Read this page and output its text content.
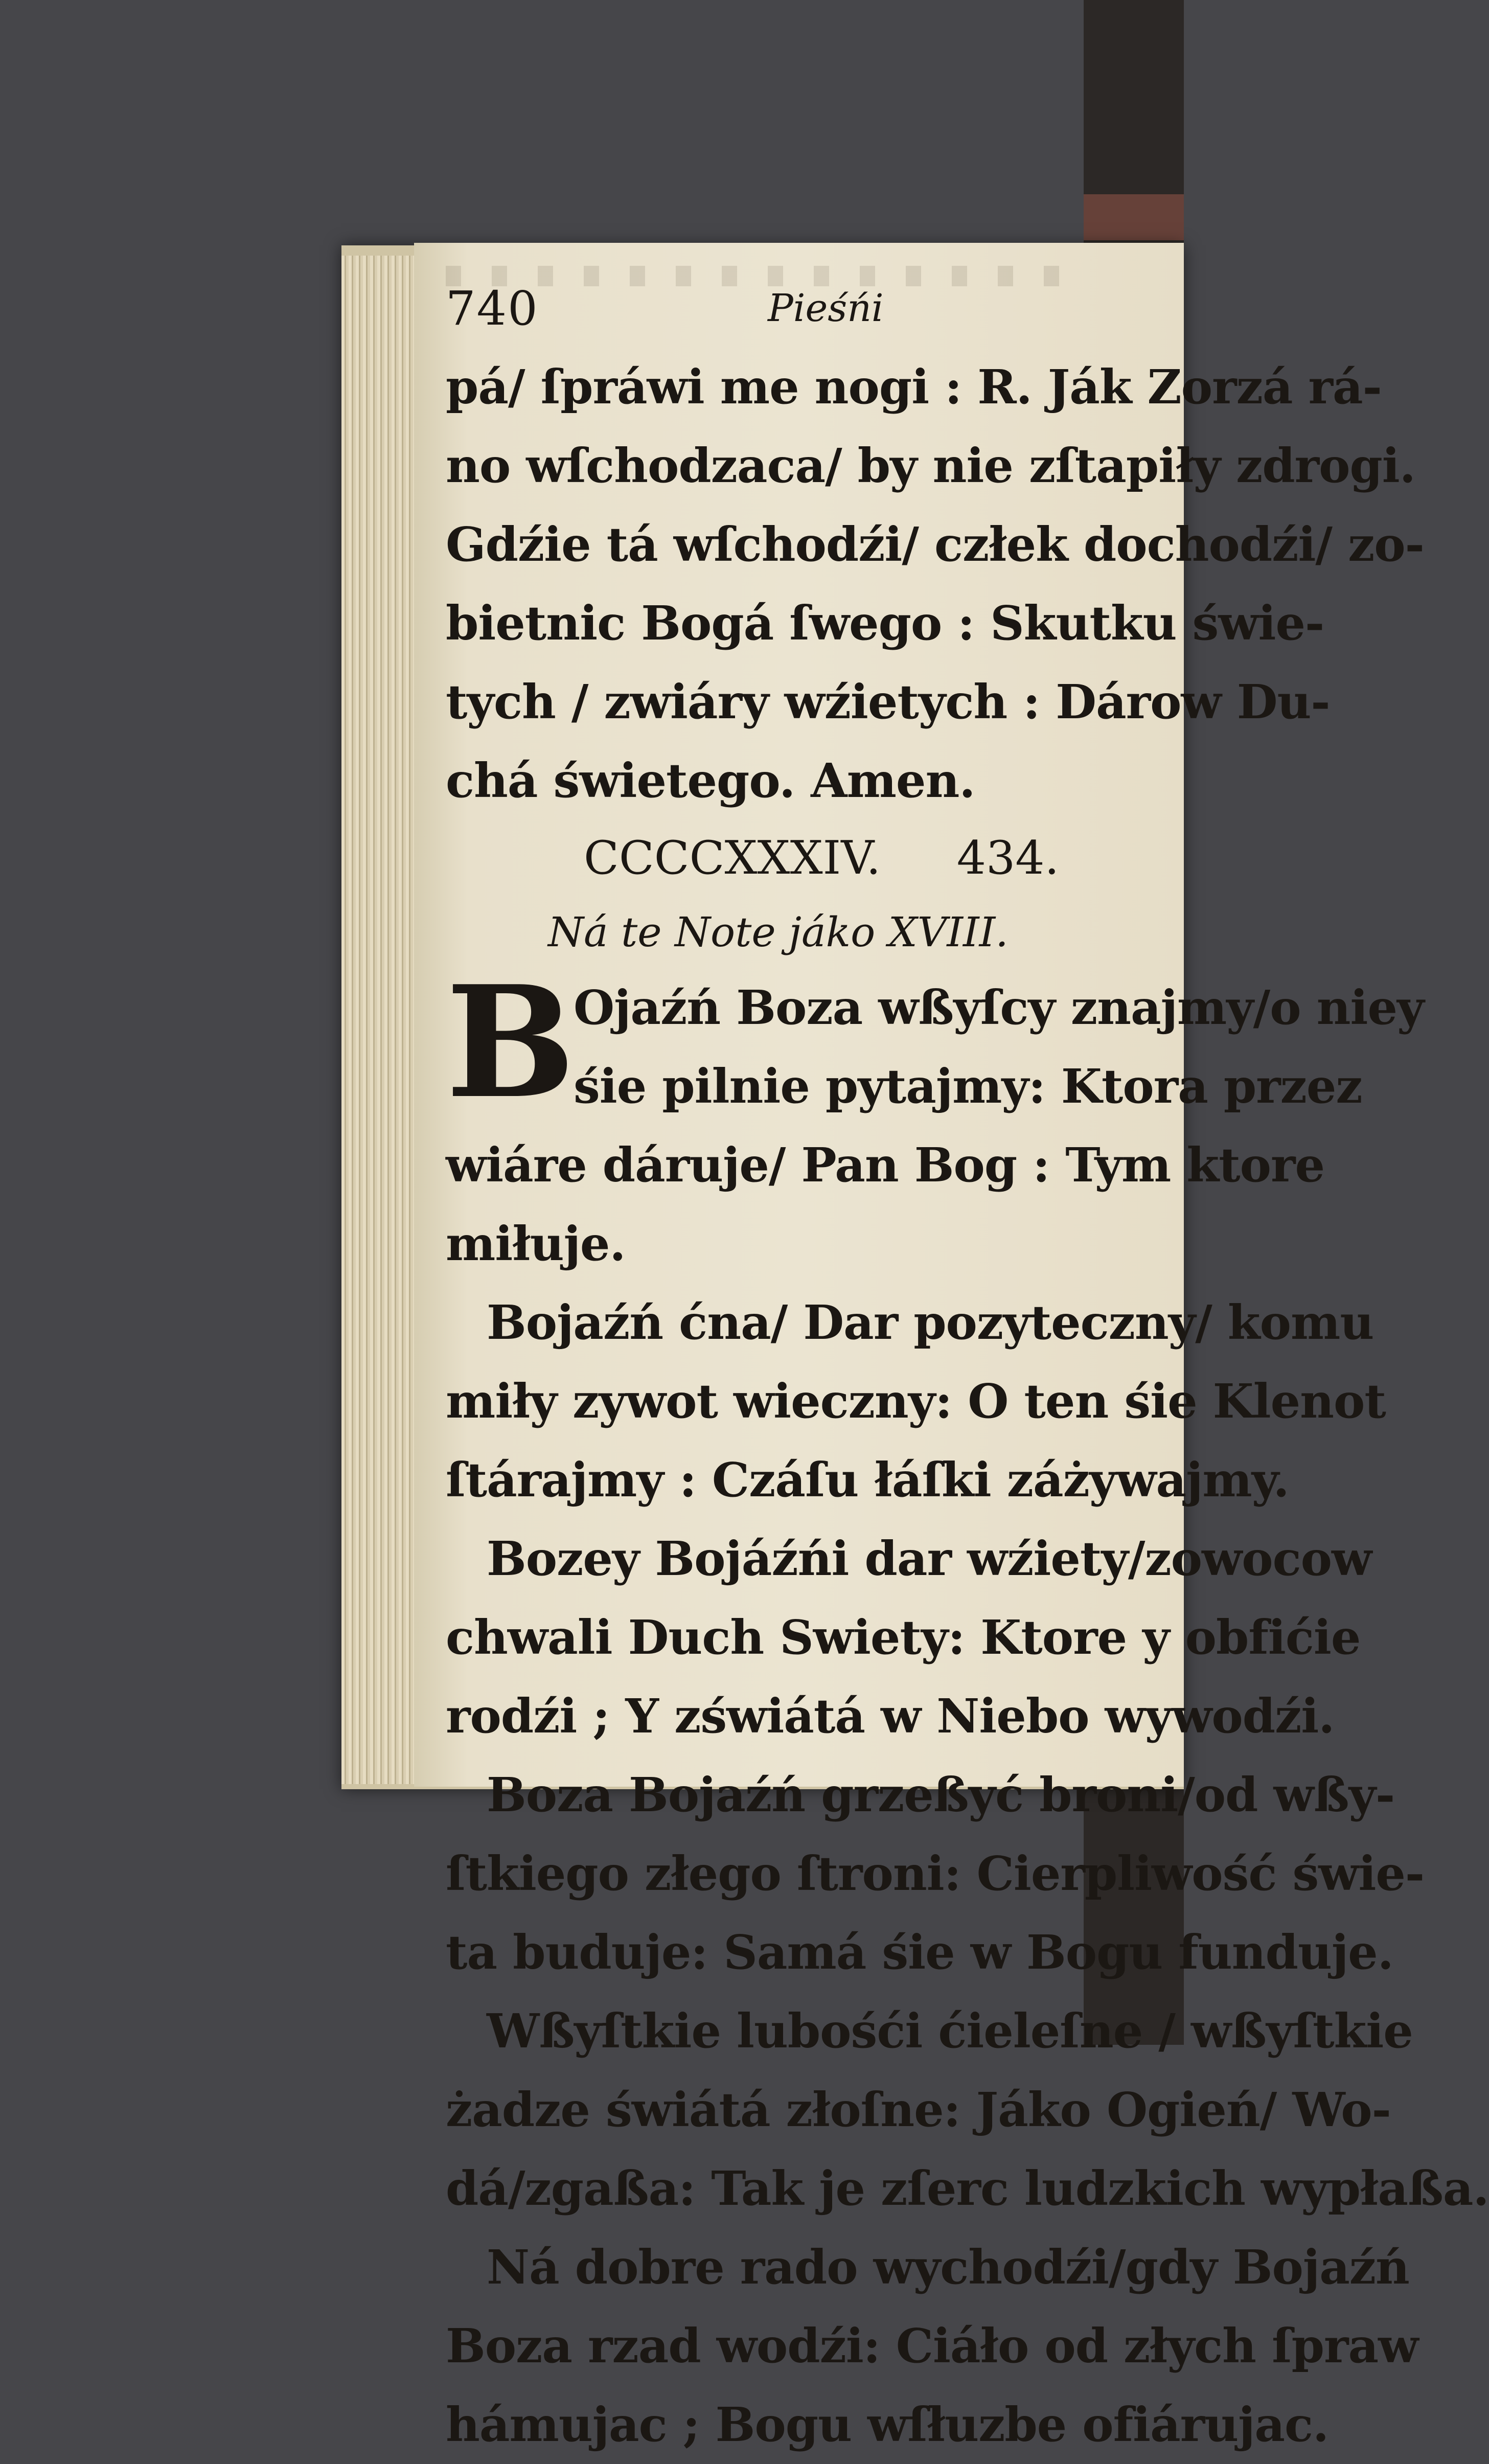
740	Pieśńi
pá/ ſpráwi me nogi : R. Ják Zorzá rá-
no wſchodzaca/ by nie zſtapiły zdrogi.
Gdźie tá wſchodźi/ człek dochodźi/ zo-
bietnic Bogá ſwego : Skutku świe-
tych / zwiáry wźietych : Dárow Du-
chá świetego. Amen.
CCCCXXXIV. 434.
Ná te Note jáko XVIII.
B
Ojaźń Boza wßyſcy znajmy/o niey
śie pilnie pytajmy: Ktora przez
wiáre dáruje/ Pan Bog : Tym ktore
miłuje.
Bojaźń ćna/ Dar pozyteczny/ komu
miły zywot wieczny: O ten śie Klenot
ſtárajmy : Czáſu łáſki záżywajmy.
Bozey Bojáźńi dar wźiety/zowocow
chwali Duch Swiety: Ktore y obfićie
rodźi ; Y zświátá w Niebo wywodźi.
Boza Bojaźń grzeßyć broni/od wßy-
ſtkiego złego ſtroni: Cierpliwość świe-
ta buduje: Samá śie w Bogu funduje.
Wßyſtkie lubośći ćieleſne / wßyſtkie
żadze świátá złoſne: Jáko Ogień/ Wo-
dá/zgaßa: Tak je zſerc ludzkich wypłaßa.
Ná dobre rado wychodźi/gdy Bojaźń
Boza rzad wodźi: Ciáło od złych ſpraw
hámujac ; Bogu wſłuzbe ofiárujac.
